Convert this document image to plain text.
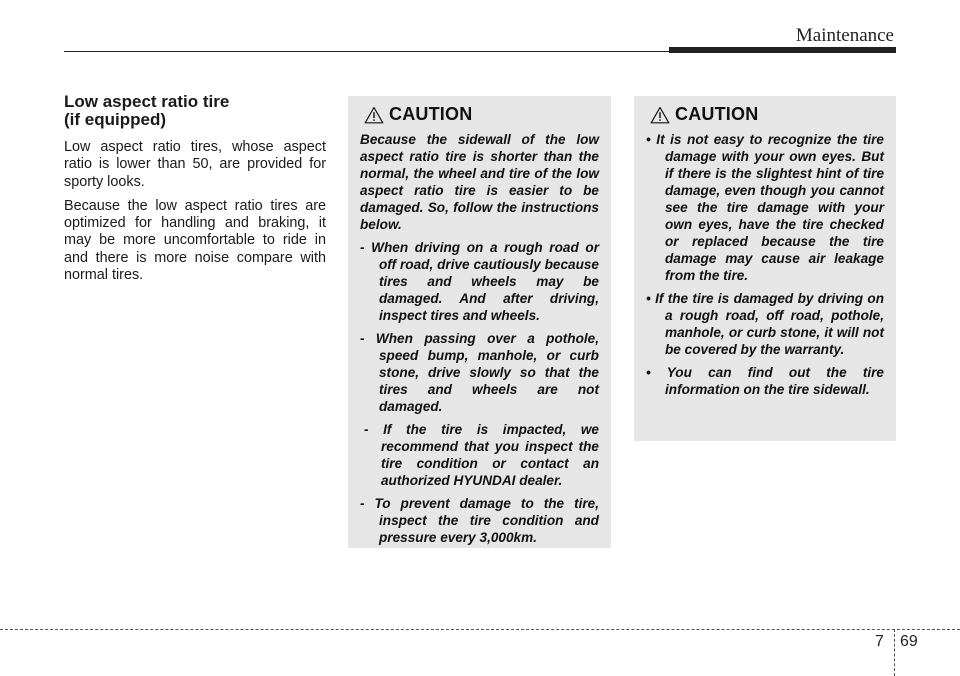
Maintenance
Low aspect ratio tire
(if equipped)

Low aspect ratio tires, whose aspect ratio is lower than 50, are provided for sporty looks.

Because the low aspect ratio tires are optimized for handling and braking, it may be more uncomfortable to ride in and there is more noise compare with normal tires.

CAUTION

Because the sidewall of the low aspect ratio tire is shorter than the normal, the wheel and tire of the low aspect ratio tire is easier to be damaged. So, follow the instructions below.

- When driving on a rough road or off road, drive cautiously because tires and wheels may be damaged. And after driving, inspect tires and wheels.

- When passing over a pothole, speed bump, manhole, or curb stone, drive slowly so that the tires and wheels are not damaged.

- If the tire is impacted, we recommend that you inspect the tire condition or contact an authorized HYUNDAI dealer.

- To prevent damage to the tire, inspect the tire condition and pressure every 3,000km.

CAUTION

• It is not easy to recognize the tire damage with your own eyes. But if there is the slightest hint of tire damage, even though you cannot see the tire damage with your own eyes, have the tire checked or replaced because the tire damage may cause air leakage from the tire.

• If the tire is damaged by driving on a rough road, off road, pothole, manhole, or curb stone, it will not be covered by the warranty.

• You can find out the tire information on the tire sidewall.

7 69
